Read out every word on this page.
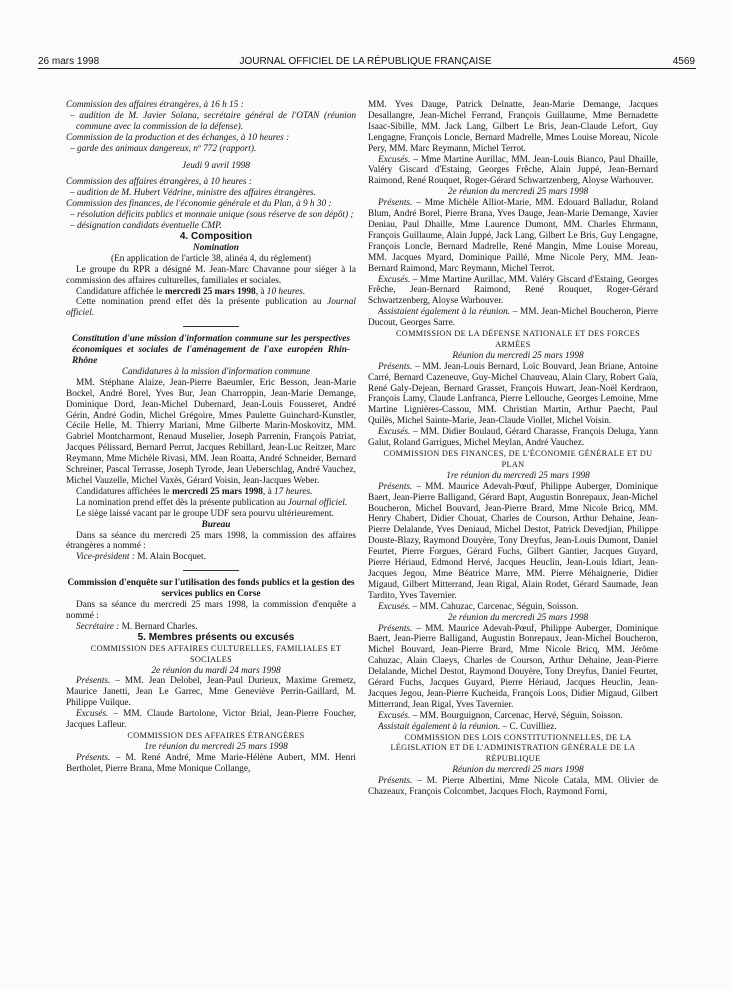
26 mars 1998	JOURNAL OFFICIEL DE LA RÉPUBLIQUE FRANÇAISE	4569

Commission des affaires étrangères, à 16 h 15 :

– audition de M. Javier Solana, secrétaire général de l'OTAN (réunion commune avec la commission de la défense).

Commission de la production et des échanges, à 10 heures :

– garde des animaux dangereux, nº 772 (rapport).

Jeudi 9 avril 1998

Commission des affaires étrangères, à 10 heures :

– audition de M. Hubert Védrine, ministre des affaires étrangères.

Commission des finances, de l'économie générale et du Plan, à 9 h 30 :

– résolution déficits publics et monnaie unique (sous réserve de son dépôt) ;

– désignation candidats éventuelle CMP.

4. Composition

Nomination

(En application de l'article 38, alinéa 4, du règlement)

Le groupe du RPR a désigné M. Jean-Marc Chavanne pour siéger à la commission des affaires culturelles, familiales et sociales.

Candidature affichée le mercredi 25 mars 1998, à 10 heures.

Cette nomination prend effet dès la présente publication au Journal officiel.

Constitution d'une mission d'information commune sur les perspectives économiques et sociales de l'aménagement de l'axe européen Rhin-Rhône

Candidatures à la mission d'information commune

MM. Stéphane Alaize, Jean-Pierre Baeumler, Eric Besson, Jean-Marie Bockel, André Borel, Yves Bur, Jean Charroppin, Jean-Marie Demange, Dominique Dord, Jean-Michel Dubernard, Jean-Louis Fousseret, André Gérin, André Godin, Michel Grégoire, Mmes Paulette Guinchard-Kunstler, Cécile Helle, M. Thierry Mariani, Mme Gilberte Marin-Moskovitz, MM. Gabriel Montcharmont, Renaud Muselier, Joseph Parrenin, François Patriat, Jacques Pélissard, Bernard Perrut, Jacques Rebillard, Jean-Luc Reitzer, Marc Reymann, Mme Michèle Rivasi, MM. Jean Roatta, André Schneider, Bernard Schreiner, Pascal Terrasse, Joseph Tyrode, Jean Ueberschlag, André Vauchez, Michel Vauzelle, Michel Vaxès, Gérard Voisin, Jean-Jacques Weber.

Candidatures affichées le mercredi 25 mars 1998, à 17 heures.

La nomination prend effet dès la présente publication au Journal officiel.

Le siège laissé vacant par le groupe UDF sera pourvu ultérieurement.

Bureau

Dans sa séance du mercredi 25 mars 1998, la commission des affaires étrangères a nommé :

Vice-président : M. Alain Bocquet.

Commission d'enquête sur l'utilisation des fonds publics et la gestion des services publics en Corse

Dans sa séance du mercredi 25 mars 1998, la commission d'enquête a nommé :

Secrétaire : M. Bernard Charles.

5. Membres présents ou excusés

COMMISSION DES AFFAIRES CULTURELLES, FAMILIALES ET SOCIALES

2e réunion du mardi 24 mars 1998

Présents. – MM. Jean Delobel, Jean-Paul Durieux, Maxime Gremetz, Maurice Janetti, Jean Le Garrec, Mme Geneviève Perrin-Gaillard, M. Philippe Vuilque.

Excusés. – MM. Claude Bartolone, Victor Brial, Jean-Pierre Foucher, Jacques Lafleur.

COMMISSION DES AFFAIRES ÉTRANGÈRES

1re réunion du mercredi 25 mars 1998

Présents. – M. René André, Mme Marie-Hélène Aubert, MM. Henri Bertholet, Pierre Brana, Mme Monique Collange,

MM. Yves Dauge, Patrick Delnatte, Jean-Marie Demange, Jacques Desallangre, Jean-Michel Ferrand, François Guillaume, Mme Bernadette Isaac-Sibille, MM. Jack Lang, Gilbert Le Bris, Jean-Claude Lefort, Guy Lengagne, François Loncle, Bernard Madrelle, Mmes Louise Moreau, Nicole Pery, MM. Marc Reymann, Michel Terrot.

Excusés. – Mme Martine Aurillac, MM. Jean-Louis Bianco, Paul Dhaille, Valéry Giscard d'Estaing, Georges Frêche, Alain Juppé, Jean-Bernard Raimond, René Rouquet, Roger-Gérard Schwartzenberg, Aloyse Warhouver.

2e réunion du mercredi 25 mars 1998

Présents. – Mme Michèle Alliot-Marie, MM. Edouard Balladur, Roland Blum, André Borel, Pierre Brana, Yves Dauge, Jean-Marie Demange, Xavier Deniau, Paul Dhaille, Mme Laurence Dumont, MM. Charles Ehrmann, François Guillaume, Alain Juppé, Jack Lang, Gilbert Le Bris, Guy Lengagne, François Loncle, Bernard Madrelle, René Mangin, Mme Louise Moreau, MM. Jacques Myard, Dominique Paillé, Mme Nicole Pery, MM. Jean-Bernard Raimond, Marc Reymann, Michel Terrot.

Excusés. – Mme Martine Aurillac, MM. Valéry Giscard d'Estaing, Georges Frêche, Jean-Bernard Raimond, René Rouquet, Roger-Gérard Schwartzenberg, Aloyse Warhouver.

Assistaient également à la réunion. – MM. Jean-Michel Boucheron, Pierre Ducout, Georges Sarre.

COMMISSION DE LA DÉFENSE NATIONALE ET DES FORCES ARMÉES

Réunion du mercredi 25 mars 1998

Présents. – MM. Jean-Louis Bernard, Loïc Bouvard, Jean Briane, Antoine Carré, Bernard Cazeneuve, Guy-Michel Chauveau, Alain Clary, Robert Gaïa, René Galy-Dejean, Bernard Grasset, François Huwart, Jean-Noël Kerdraon, François Lamy, Claude Lanfranca, Pierre Lellouche, Georges Lemoine, Mme Martine Lignières-Cassou, MM. Christian Martin, Arthur Paecht, Paul Quilès, Michel Sainte-Marie, Jean-Claude Viollet, Michel Voisin.

Excusés. – MM. Didier Boulaud, Gérard Charasse, François Deluga, Yann Galut, Roland Garrigues, Michel Meylan, André Vauchez.

COMMISSION DES FINANCES, DE L'ÉCONOMIE GÉNÉRALE ET DU PLAN

1re réunion du mercredi 25 mars 1998

Présents. – MM. Maurice Adevah-Pœuf, Philippe Auberger, Dominique Baert, Jean-Pierre Balligand, Gérard Bapt, Augustin Bonrepaux, Jean-Michel Boucheron, Michel Bouvard, Jean-Pierre Brard, Mme Nicole Bricq, MM. Henry Chabert, Didier Chouat, Charles de Courson, Arthur Dehaine, Jean-Pierre Delalande, Yves Deniaud, Michel Destot, Patrick Devedjian, Philippe Douste-Blazy, Raymond Douyère, Tony Dreyfus, Jean-Louis Dumont, Daniel Feurtet, Pierre Forgues, Gérard Fuchs, Gilbert Gantier, Jacques Guyard, Pierre Hériaud, Edmond Hervé, Jacques Heuclin, Jean-Louis Idiart, Jean-Jacques Jegou, Mme Béatrice Marre, MM. Pierre Méhaignerie, Didier Migaud, Gilbert Mitterrand, Jean Rigal, Alain Rodet, Gérard Saumade, Jean Tardito, Yves Tavernier.

Excusés. – MM. Cahuzac, Carcenac, Séguin, Soisson.

2e réunion du mercredi 25 mars 1998

Présents. – MM. Maurice Adevah-Pœuf, Philippe Auberger, Dominique Baert, Jean-Pierre Balligand, Augustin Bonrepaux, Jean-Michel Boucheron, Michel Bouvard, Jean-Pierre Brard, Mme Nicole Bricq, MM. Jérôme Cahuzac, Alain Claeys, Charles de Courson, Arthur Dehaine, Jean-Pierre Delalande, Michel Destot, Raymond Douyère, Tony Dreyfus, Daniel Feurtet, Gérard Fuchs, Jacques Guyard, Pierre Hériaud, Jacques Heuclin, Jean-Jacques Jegou, Jean-Pierre Kucheida, François Loos, Didier Migaud, Gilbert Mitterrand, Jean Rigal, Yves Tavernier.

Excusés. – MM. Bourguignon, Carcenac, Hervé, Séguin, Soisson.

Assistait également à la réunion. – C. Cuvilliez.

COMMISSION DES LOIS CONSTITUTIONNELLES, DE LA LÉGISLATION ET DE L'ADMINISTRATION GÉNÉRALE DE LA RÉPUBLIQUE

Réunion du mercredi 25 mars 1998

Présents. – M. Pierre Albertini, Mme Nicole Catala, MM. Olivier de Chazeaux, François Colcombet, Jacques Floch, Raymond Forni,
